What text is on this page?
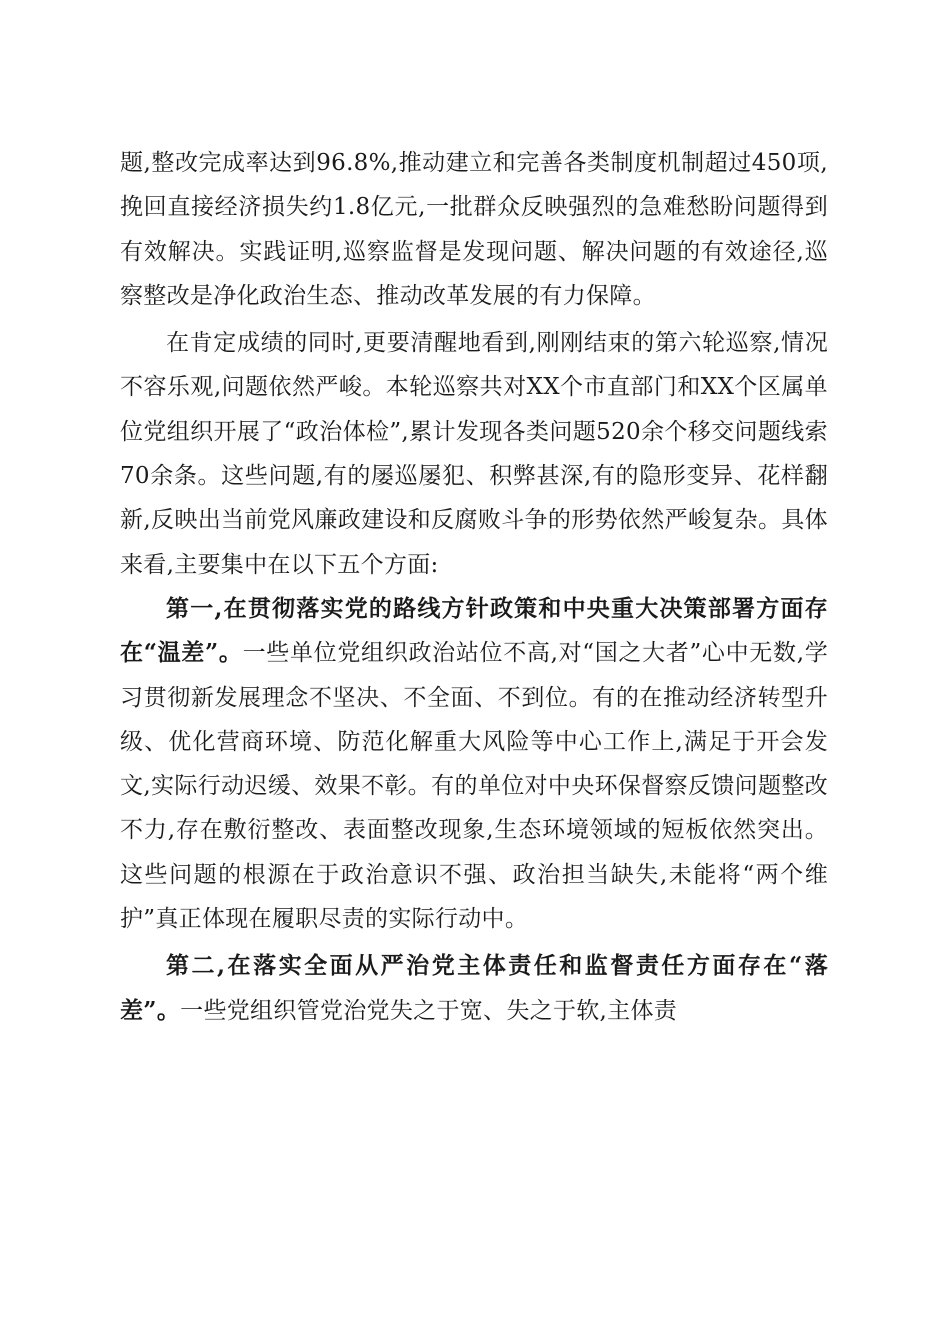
题,整改完成率达到96.8%,推动建立和完善各类制度机制超过450项,挽回直接经济损失约1.8亿元,一批群众反映强烈的急难愁盼问题得到有效解决。实践证明,巡察监督是发现问题、解决问题的有效途径,巡察整改是净化政治生态、推动改革发展的有力保障。

在肯定成绩的同时,更要清醒地看到,刚刚结束的第六轮巡察,情况不容乐观,问题依然严峻。本轮巡察共对XX个市直部门和XX个区属单位党组织开展了“政治体检”,累计发现各类问题520余个移交问题线索70余条。这些问题,有的屡巡屡犯、积弊甚深,有的隐形变异、花样翻新,反映出当前党风廉政建设和反腐败斗争的形势依然严峻复杂。具体来看,主要集中在以下五个方面:

第一,在贯彻落实党的路线方针政策和中央重大决策部署方面存在“温差”。一些单位党组织政治站位不高,对“国之大者”心中无数,学习贯彻新发展理念不坚决、不全面、不到位。有的在推动经济转型升级、优化营商环境、防范化解重大风险等中心工作上,满足于开会发文,实际行动迟缓、效果不彰。有的单位对中央环保督察反馈问题整改不力,存在敷衍整改、表面整改现象,生态环境领域的短板依然突出。这些问题的根源在于政治意识不强、政治担当缺失,未能将“两个维护”真正体现在履职尽责的实际行动中。

第二,在落实全面从严治党主体责任和监督责任方面存在“落差”。一些党组织管党治党失之于宽、失之于软,主体责
